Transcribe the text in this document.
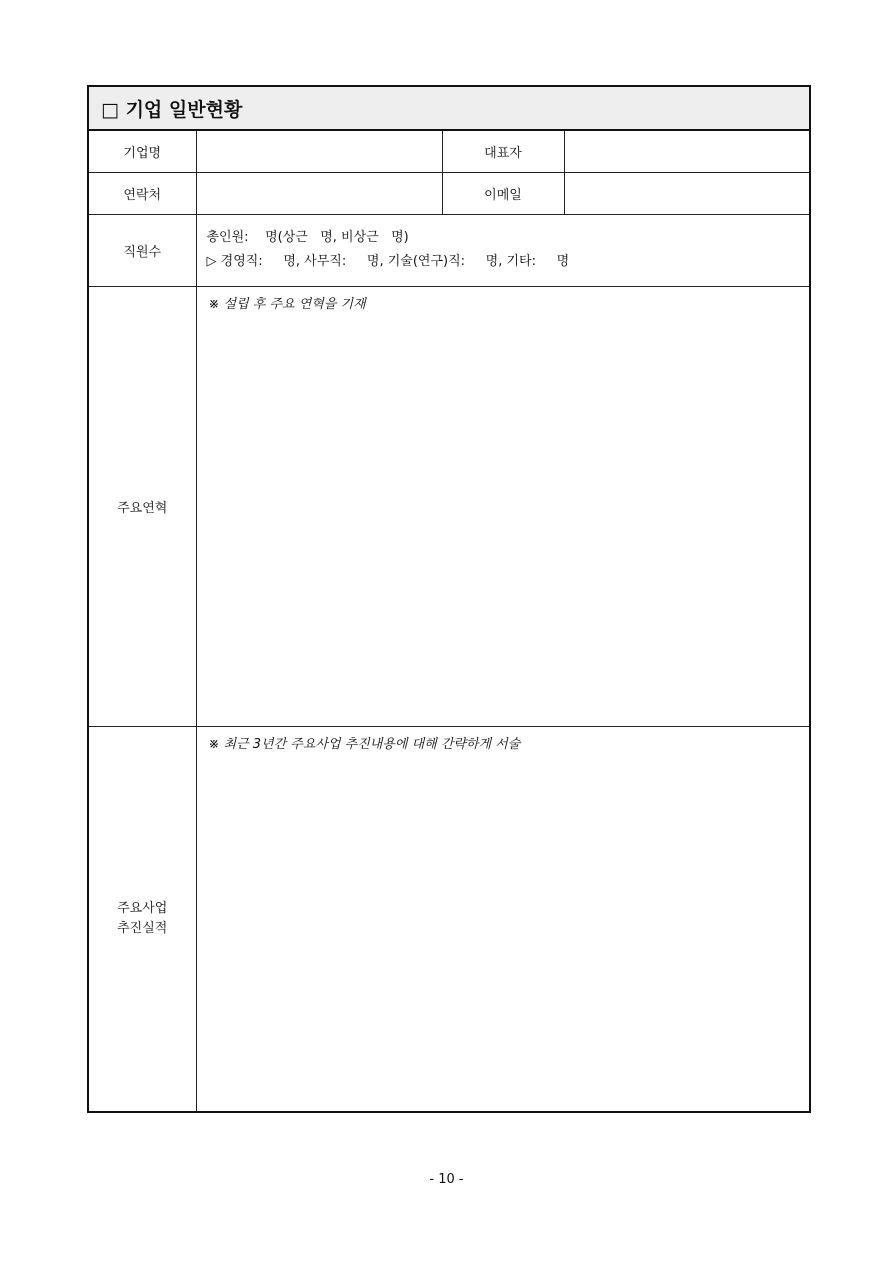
□ 기업 일반현황			
기업명		대표자	
연락처		이메일	
직원수	총인원:    명(상근   명, 비상근   명)
▷ 경영직:     명, 사무직:     명, 기술(연구)직:     명, 기타:     명		

주요연혁	※ 설립 후 주요 연혁을 기재		

주요사업
추진실적	※ 최근 3년간 주요사업 추진내용에 대해 간략하게 서술		
- 10 -
